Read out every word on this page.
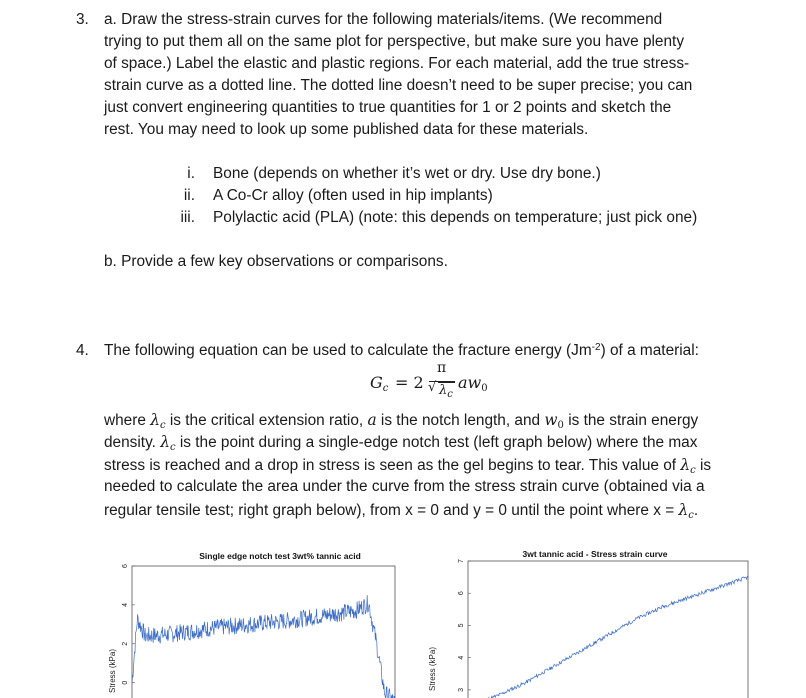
3. a. Draw the stress-strain curves for the following materials/items. (We recommend
trying to put them all on the same plot for perspective, but make sure you have plenty
of space.) Label the elastic and plastic regions. For each material, add the true stress-
strain curve as a dotted line. The dotted line doesn’t need to be super precise; you can
just convert engineering quantities to true quantities for 1 or 2 points and sketch the
rest. You may need to look up some published data for these materials.
i. Bone (depends on whether it’s wet or dry. Use dry bone.)
ii. A Co-Cr alloy (often used in hip implants)
iii. Polylactic acid (PLA) (note: this depends on temperature; just pick one)
b. Provide a few key observations or comparisons.
4. The following equation can be used to calculate the fracture energy $(Jm^{-2})$ of a material:
$G_c = 2$
π
√ $\lambda_c$
$aw_0$
where $\lambda_c$ is the critical extension ratio, a is the notch length, and $w_0$ is the strain energy
density. $\lambda_c$ is the point during a single-edge notch test (left graph below) where the max
stress is reached and a drop in stress is seen as the gel begins to tear. This value of $\lambda_c$ is
needed to calculate the area under the curve from the stress strain curve (obtained via a
regular tensile test; right graph below), from x = 0 and y = 0 until the point where $x = \lambda_c$.
Single edge notch test 3wt% tannic acid
Stress (kPa)
6
4
2
0
3wt tannic acid - Stress strain curve
Stress (kPa)
7
6
5
4
3
